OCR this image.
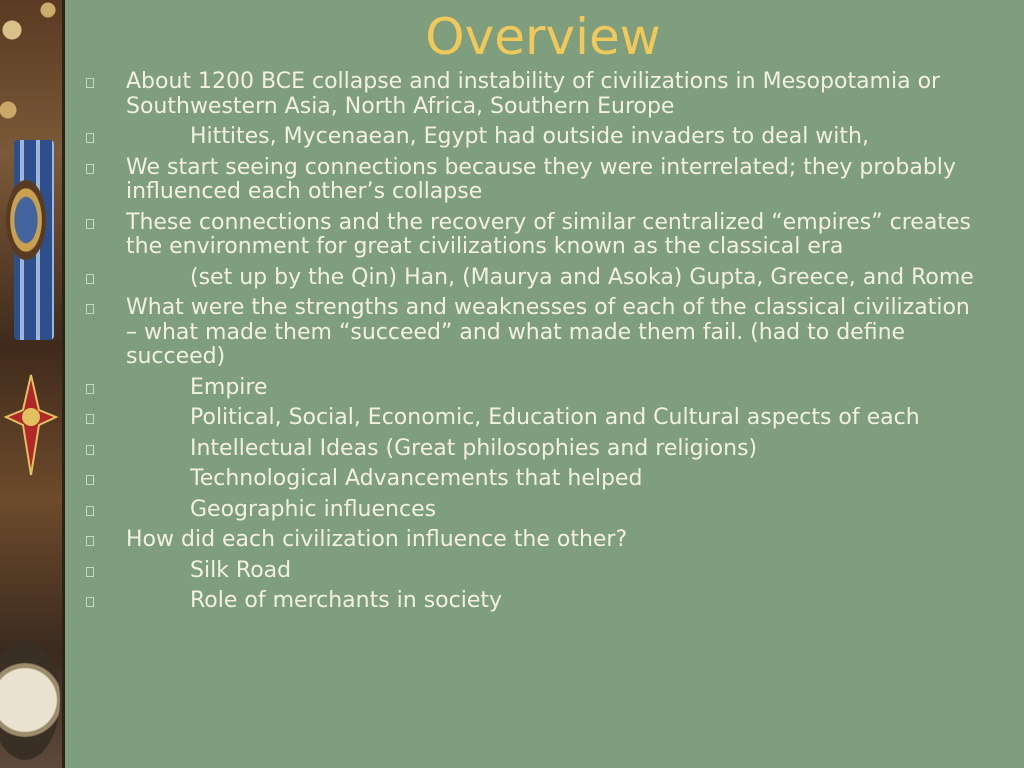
Overview
About 1200 BCE collapse and instability of civilizations in Mesopotamia or Southwestern Asia, North Africa, Southern Europe
Hittites, Mycenaean, Egypt had outside invaders to deal with,
We start seeing connections because they were interrelated; they probably influenced each other’s collapse
These connections and the recovery of similar centralized “empires” creates the environment for great civilizations known as the classical era
(set up by the Qin) Han, (Maurya and Asoka) Gupta, Greece, and Rome
What were the strengths and weaknesses of each of the classical civilization – what made them “succeed” and what made them fail. (had to define succeed)
Empire
Political, Social, Economic, Education and Cultural aspects of each
Intellectual Ideas (Great philosophies and religions)
Technological Advancements that helped
Geographic influences
How did each civilization influence the other?
Silk Road
Role of merchants in society
